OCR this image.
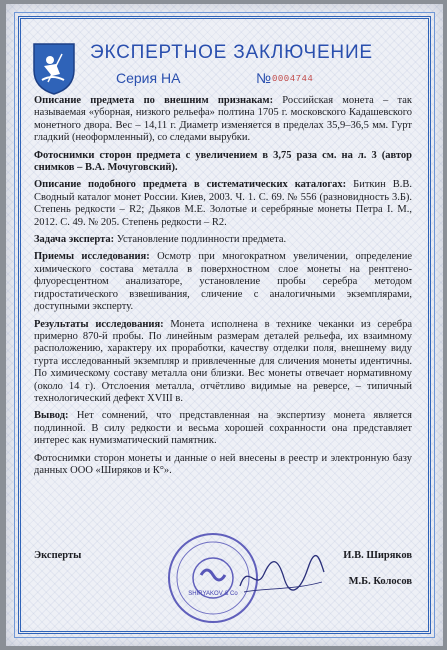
ЭКСПЕРТНОЕ ЗАКЛЮЧЕНИЕ
Серия НА	№ 0004744

Описание предмета по внешним признакам: Российская монета – так называемая «уборная, низкого рельефа» полтина 1705 г. московского Кадашевского монетного двора. Вес – 14,11 г. Диаметр изменяется в пределах 35,9–36,5 мм. Гурт гладкий (неоформленный), со следами вырубки.

Фотоснимки сторон предмета с увеличением в 3,75 раза см. на л. 3 (автор снимков – В.А. Мочуговский).

Описание подобного предмета в систематических каталогах: Биткин В.В. Сводный каталог монет России. Киев, 2003. Ч. 1. С. 69. № 556 (разновидность 3.Б). Степень редкости – R2; Дьяков М.Е. Золотые и серебряные монеты Петра I. М., 2012. С. 49. № 205. Степень редкости – R2.

Задача эксперта: Установление подлинности предмета.

Приемы исследования: Осмотр при многократном увеличении, определение химического состава металла в поверхностном слое монеты на рентгено-флуоресцентном анализаторе, установление пробы серебра методом гидростатического взвешивания, сличение с аналогичными экземплярами, доступными эксперту.

Результаты исследования: Монета исполнена в технике чеканки из серебра примерно 870-й пробы. По линейным размерам деталей рельефа, их взаимному расположению, характеру их проработки, качеству отделки поля, внешнему виду гурта исследованный экземпляр и привлеченные для сличения монеты идентичны. По химическому составу металла они близки. Вес монеты отвечает нормативному (около 14 г). Отслоения металла, отчётливо видимые на реверсе, – типичный технологический дефект XVIII в.

Вывод: Нет сомнений, что представленная на экспертизу монета является подлинной. В силу редкости и весьма хорошей сохранности она представляет интерес как нумизматический памятник.

Фотоснимки сторон монеты и данные о ней внесены в реестр и электронную базу данных ООО «Шиpяков и К°».

Эксперты	И.В. Шиpяков
М.Б. Колосов
SHIRYAKOV & Co
